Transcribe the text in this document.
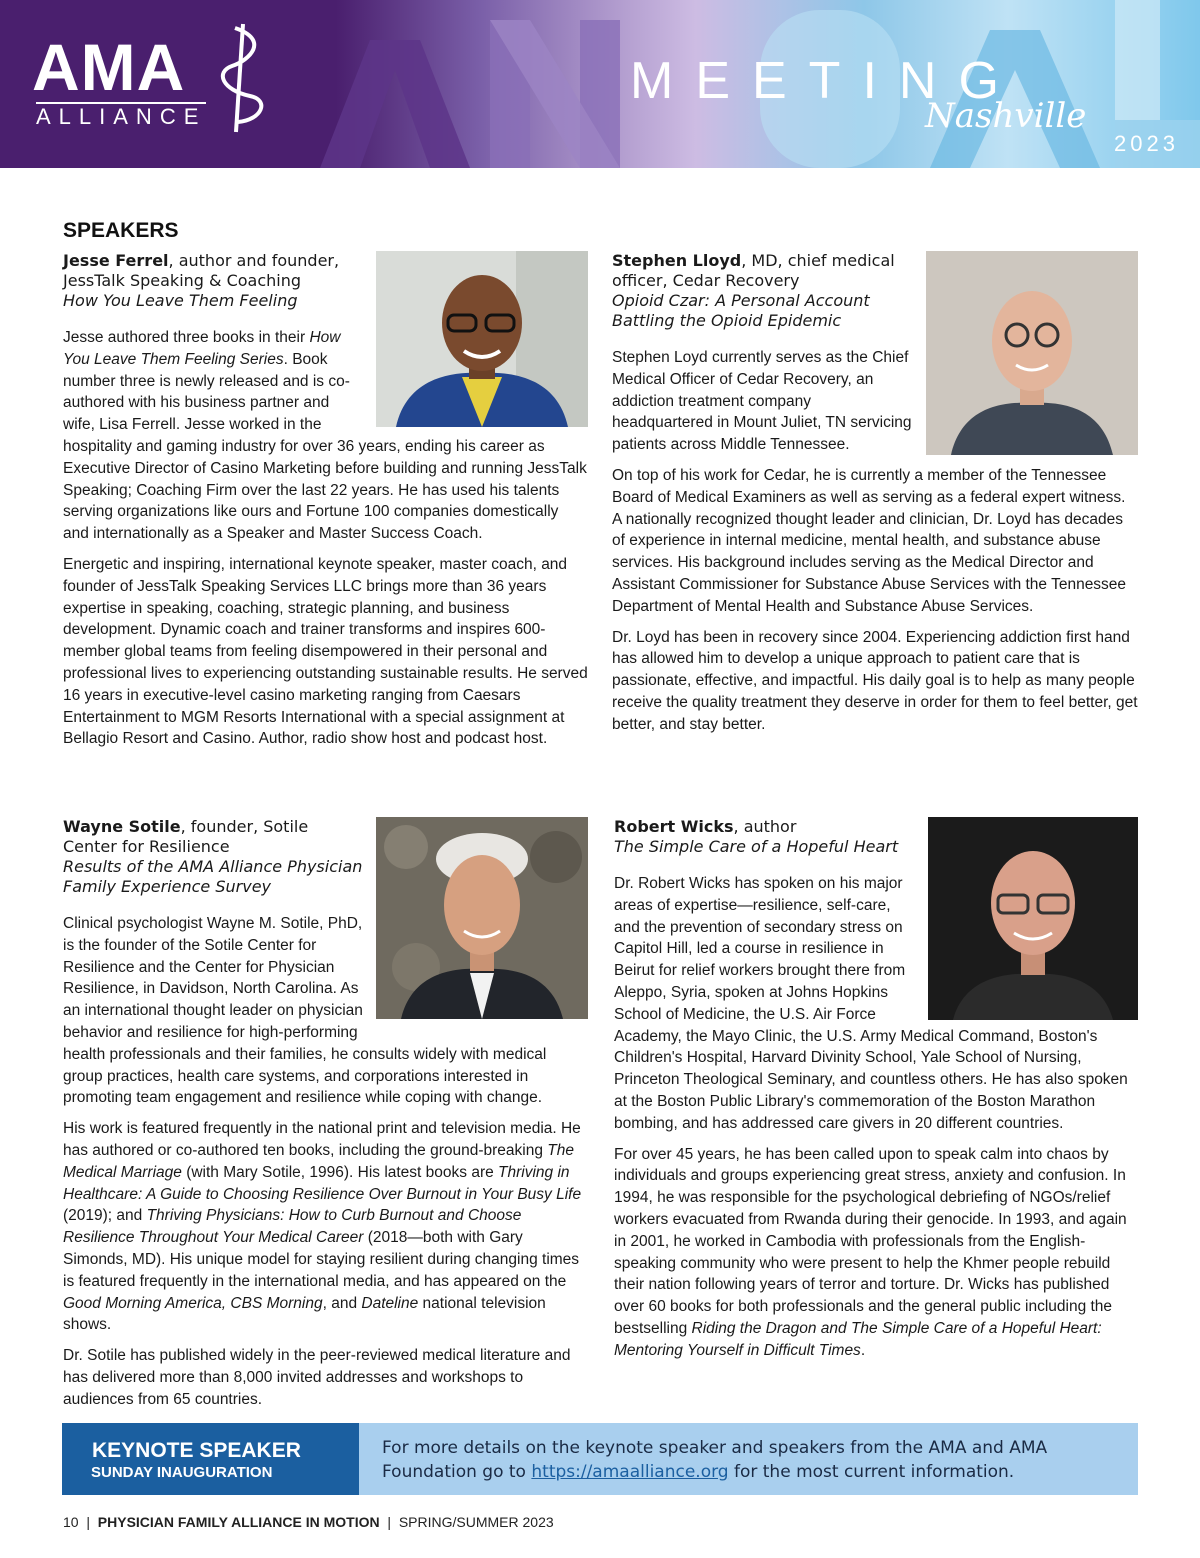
AMA
ALLIANCE
MEETING
Nashville
2023
SPEAKERS
Jesse Ferrel, author and founder,
JessTalk Speaking & Coaching
How You Leave Them Feeling

Jesse authored three books in their How You Leave Them Feeling Series. Book number three is newly released and is co-authored with his business partner and wife, Lisa Ferrell. Jesse worked in the hospitality and gaming industry for over 36 years, ending his career as Executive Director of Casino Marketing before building and running JessTalk Speaking; Coaching Firm over the last 22 years. He has used his talents serving organizations like ours and Fortune 100 companies domestically and internationally as a Speaker and Master Success Coach.

Energetic and inspiring, international keynote speaker, master coach, and founder of JessTalk Speaking Services LLC brings more than 36 years expertise in speaking, coaching, strategic planning, and business development. Dynamic coach and trainer transforms and inspires 600-member global teams from feeling disempowered in their personal and professional lives to experiencing outstanding sustainable results. He served 16 years in executive-level casino marketing ranging from Caesars Entertainment to MGM Resorts International with a special assignment at Bellagio Resort and Casino. Author, radio show host and podcast host.

Stephen Lloyd, MD, chief medical officer, Cedar Recovery
Opioid Czar: A Personal Account Battling the Opioid Epidemic

Stephen Loyd currently serves as the Chief Medical Officer of Cedar Recovery, an addiction treatment company headquartered in Mount Juliet, TN servicing patients across Middle Tennessee.

On top of his work for Cedar, he is currently a member of the Tennessee Board of Medical Examiners as well as serving as a federal expert witness. A nationally recognized thought leader and clinician, Dr. Loyd has decades of experience in internal medicine, mental health, and substance abuse services. His background includes serving as the Medical Director and Assistant Commissioner for Substance Abuse Services with the Tennessee Department of Mental Health and Substance Abuse Services.

Dr. Loyd has been in recovery since 2004. Experiencing addiction first hand has allowed him to develop a unique approach to patient care that is passionate, effective, and impactful. His daily goal is to help as many people receive the quality treatment they deserve in order for them to feel better, get better, and stay better.

Wayne Sotile, founder, Sotile Center for Resilience
Results of the AMA Alliance Physician Family Experience Survey

Clinical psychologist Wayne M. Sotile, PhD, is the founder of the Sotile Center for Resilience and the Center for Physician Resilience, in Davidson, North Carolina. As an international thought leader on physician behavior and resilience for high-performing health professionals and their families, he consults widely with medical group practices, health care systems, and corporations interested in promoting team engagement and resilience while coping with change.

His work is featured frequently in the national print and television media. He has authored or co-authored ten books, including the ground-breaking The Medical Marriage (with Mary Sotile, 1996). His latest books are Thriving in Healthcare: A Guide to Choosing Resilience Over Burnout in Your Busy Life (2019); and Thriving Physicians: How to Curb Burnout and Choose Resilience Throughout Your Medical Career (2018—both with Gary Simonds, MD). His unique model for staying resilient during changing times is featured frequently in the international media, and has appeared on the Good Morning America, CBS Morning, and Dateline national television shows.

Dr. Sotile has published widely in the peer-reviewed medical literature and has delivered more than 8,000 invited addresses and workshops to audiences from 65 countries.

Robert Wicks, author
The Simple Care of a Hopeful Heart

Dr. Robert Wicks has spoken on his major areas of expertise—resilience, self-care, and the prevention of secondary stress on Capitol Hill, led a course in resilience in Beirut for relief workers brought there from Aleppo, Syria, spoken at Johns Hopkins School of Medicine, the U.S. Air Force Academy, the Mayo Clinic, the U.S. Army Medical Command, Boston's Children's Hospital, Harvard Divinity School, Yale School of Nursing, Princeton Theological Seminary, and countless others. He has also spoken at the Boston Public Library's commemoration of the Boston Marathon bombing, and has addressed care givers in 20 different countries.

For over 45 years, he has been called upon to speak calm into chaos by individuals and groups experiencing great stress, anxiety and confusion. In 1994, he was responsible for the psychological debriefing of NGOs/relief workers evacuated from Rwanda during their genocide. In 1993, and again in 2001, he worked in Cambodia with professionals from the English-speaking community who were present to help the Khmer people rebuild their nation following years of terror and torture. Dr. Wicks has published over 60 books for both professionals and the general public including the bestselling Riding the Dragon and The Simple Care of a Hopeful Heart: Mentoring Yourself in Difficult Times.

KEYNOTE SPEAKER
SUNDAY INAUGURATION
For more details on the keynote speaker and speakers from the AMA and AMA Foundation go to https://amaalliance.org for the most current information.
10  |  PHYSICIAN FAMILY ALLIANCE IN MOTION  |  SPRING/SUMMER 2023
